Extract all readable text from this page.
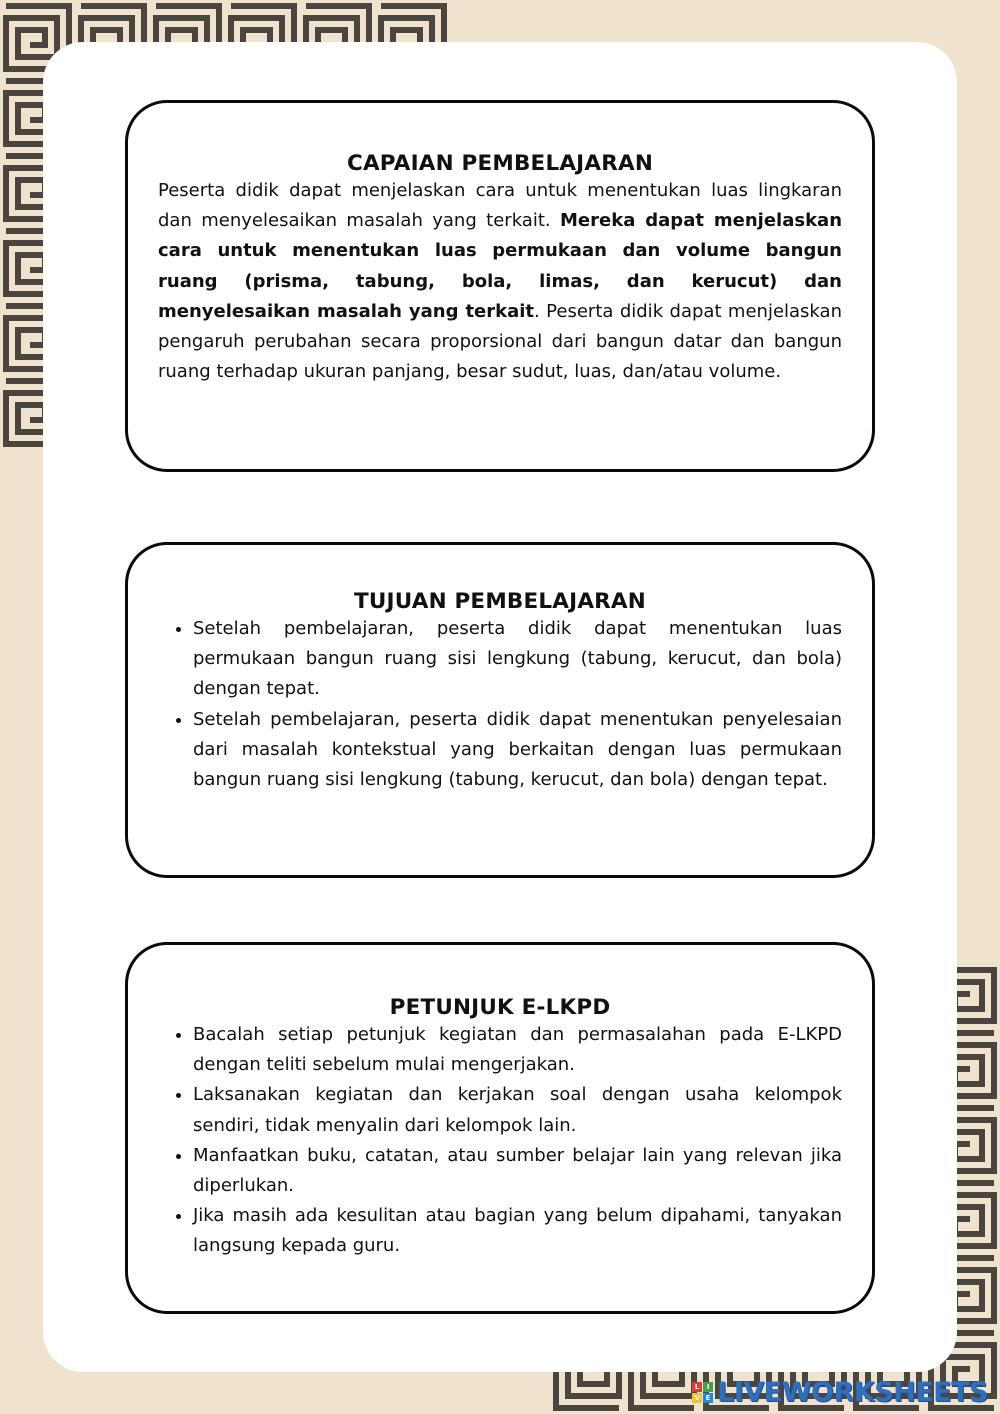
CAPAIAN PEMBELAJARAN

Peserta didik dapat menjelaskan cara untuk menentukan luas lingkaran dan menyelesaikan masalah yang terkait. Mereka dapat menjelaskan cara untuk menentukan luas permukaan dan volume bangun ruang (prisma, tabung, bola, limas, dan kerucut) dan menyelesaikan masalah yang terkait. Peserta didik dapat menjelaskan pengaruh perubahan secara proporsional dari bangun datar dan bangun ruang terhadap ukuran panjang, besar sudut, luas, dan/atau volume.

TUJUAN PEMBELAJARAN
• Setelah pembelajaran, peserta didik dapat menentukan luas permukaan bangun ruang sisi lengkung (tabung, kerucut, dan bola) dengan tepat.
• Setelah pembelajaran, peserta didik dapat menentukan penyelesaian dari masalah kontekstual yang berkaitan dengan luas permukaan bangun ruang sisi lengkung (tabung, kerucut, dan bola) dengan tepat.
PETUNJUK E-LKPD
• Bacalah setiap petunjuk kegiatan dan permasalahan pada E-LKPD dengan teliti sebelum mulai mengerjakan.
• Laksanakan kegiatan dan kerjakan soal dengan usaha kelompok sendiri, tidak menyalin dari kelompok lain.
• Manfaatkan buku, catatan, atau sumber belajar lain yang relevan jika diperlukan.
• Jika masih ada kesulitan atau bagian yang belum dipahami, tanyakan langsung kepada guru.
L	I
V E LIVEWORKSHEETS
